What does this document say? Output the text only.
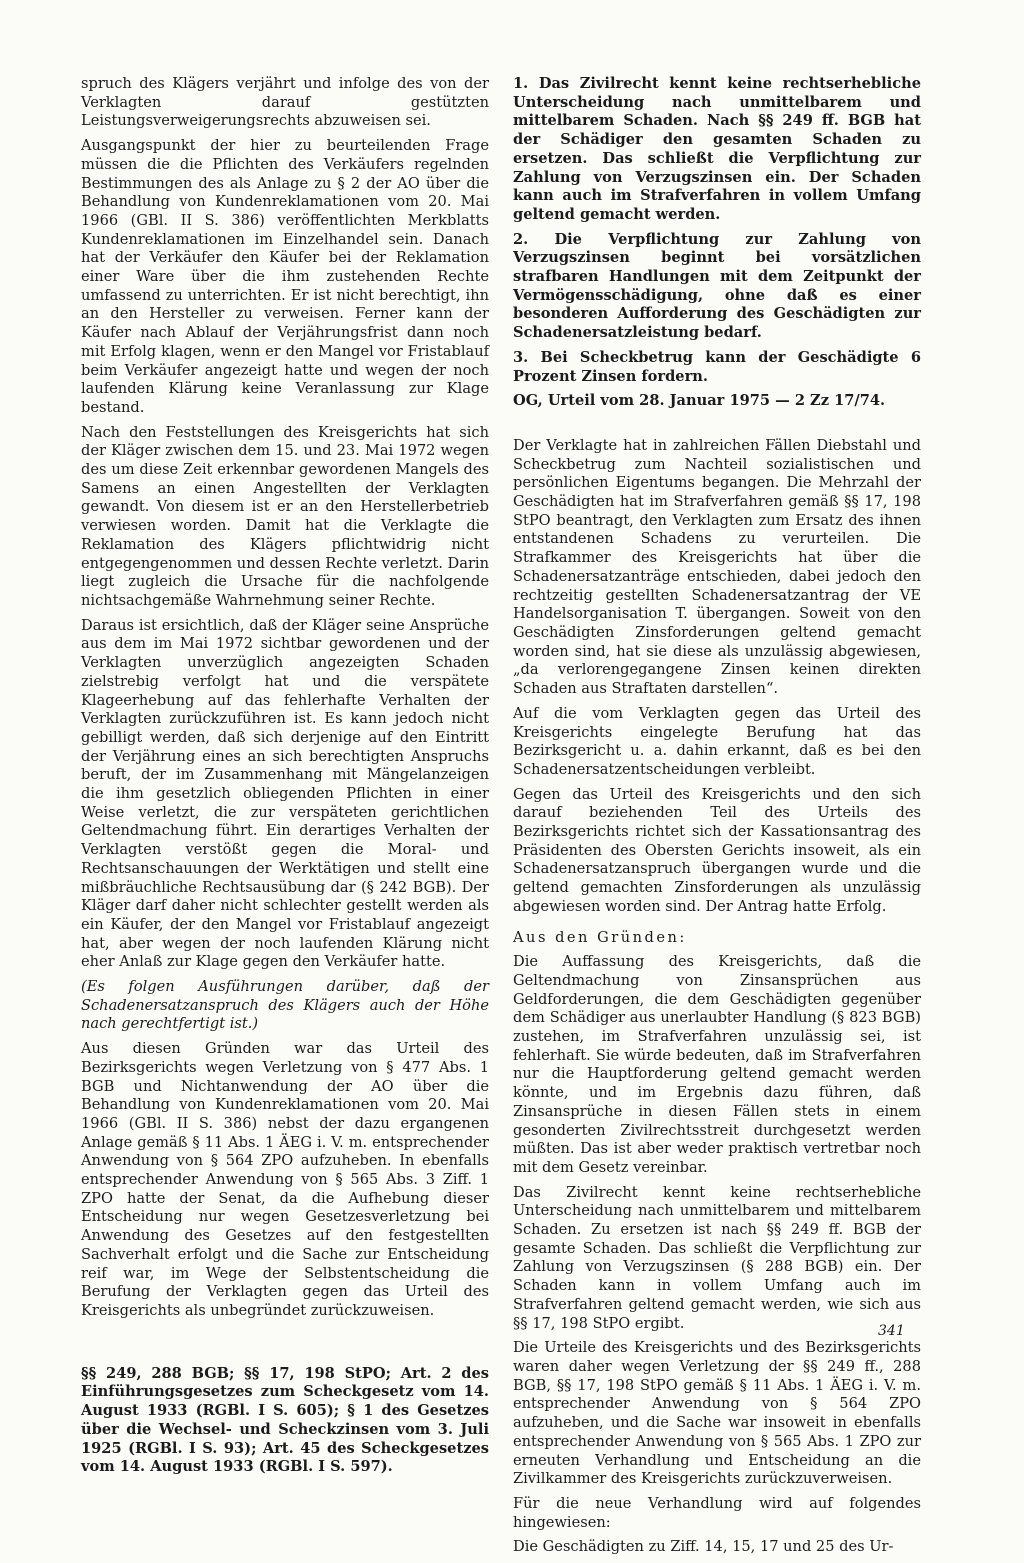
spruch des Klägers verjährt und infolge des von der Verklagten darauf gestützten Leistungsverweigerungsrechts abzuweisen sei.

Ausgangspunkt der hier zu beurteilenden Frage müssen die die Pflichten des Verkäufers regelnden Bestimmungen des als Anlage zu § 2 der AO über die Behandlung von Kundenreklamationen vom 20. Mai 1966 (GBl. II S. 386) veröffentlichten Merkblatts Kundenreklamationen im Einzelhandel sein. Danach hat der Verkäufer den Käufer bei der Reklamation einer Ware über die ihm zustehenden Rechte umfassend zu unterrichten. Er ist nicht berechtigt, ihn an den Hersteller zu verweisen. Ferner kann der Käufer nach Ablauf der Verjährungsfrist dann noch mit Erfolg klagen, wenn er den Mangel vor Fristablauf beim Verkäufer angezeigt hatte und wegen der noch laufenden Klärung keine Veranlassung zur Klage bestand.

Nach den Feststellungen des Kreisgerichts hat sich der Kläger zwischen dem 15. und 23. Mai 1972 wegen des um diese Zeit erkennbar gewordenen Mangels des Samens an einen Angestellten der Verklagten gewandt. Von diesem ist er an den Herstellerbetrieb verwiesen worden. Damit hat die Verklagte die Reklamation des Klägers pflichtwidrig nicht entgegengenommen und dessen Rechte verletzt. Darin liegt zugleich die Ursache für die nachfolgende nichtsachgemäße Wahrnehmung seiner Rechte.

Daraus ist ersichtlich, daß der Kläger seine Ansprüche aus dem im Mai 1972 sichtbar gewordenen und der Verklagten unverzüglich angezeigten Schaden zielstrebig verfolgt hat und die verspätete Klageerhebung auf das fehlerhafte Verhalten der Verklagten zurückzuführen ist. Es kann jedoch nicht gebilligt werden, daß sich derjenige auf den Eintritt der Verjährung eines an sich berechtigten Anspruchs beruft, der im Zusammenhang mit Mängelanzeigen die ihm gesetzlich obliegenden Pflichten in einer Weise verletzt, die zur verspäteten gerichtlichen Geltendmachung führt. Ein derartiges Verhalten der Verklagten verstößt gegen die Moral- und Rechtsanschauungen der Werktätigen und stellt eine mißbräuchliche Rechtsausübung dar (§ 242 BGB). Der Kläger darf daher nicht schlechter gestellt werden als ein Käufer, der den Mangel vor Fristablauf angezeigt hat, aber wegen der noch laufenden Klärung nicht eher Anlaß zur Klage gegen den Verkäufer hatte.

(Es folgen Ausführungen darüber, daß der Schadenersatzanspruch des Klägers auch der Höhe nach gerechtfertigt ist.)

Aus diesen Gründen war das Urteil des Bezirksgerichts wegen Verletzung von § 477 Abs. 1 BGB und Nichtanwendung der AO über die Behandlung von Kundenreklamationen vom 20. Mai 1966 (GBl. II S. 386) nebst der dazu ergangenen Anlage gemäß § 11 Abs. 1 ÄEG i. V. m. entsprechender Anwendung von § 564 ZPO aufzuheben. In ebenfalls entsprechender Anwendung von § 565 Abs. 3 Ziff. 1 ZPO hatte der Senat, da die Aufhebung dieser Entscheidung nur wegen Gesetzesverletzung bei Anwendung des Gesetzes auf den festgestellten Sachverhalt erfolgt und die Sache zur Entscheidung reif war, im Wege der Selbstentscheidung die Berufung der Verklagten gegen das Urteil des Kreisgerichts als unbegründet zurückzuweisen.

§§ 249, 288 BGB; §§ 17, 198 StPO; Art. 2 des Einführungsgesetzes zum Scheckgesetz vom 14. August 1933 (RGBl. I S. 605); § 1 des Gesetzes über die Wechsel- und Scheckzinsen vom 3. Juli 1925 (RGBl. I S. 93); Art. 45 des Scheckgesetzes vom 14. August 1933 (RGBl. I S. 597).

1. Das Zivilrecht kennt keine rechtserhebliche Unterscheidung nach unmittelbarem und mittelbarem Schaden. Nach §§ 249 ff. BGB hat der Schädiger den gesamten Schaden zu ersetzen. Das schließt die Verpflichtung zur Zahlung von Verzugszinsen ein. Der Schaden kann auch im Strafverfahren in vollem Umfang geltend gemacht werden.

2. Die Verpflichtung zur Zahlung von Verzugszinsen beginnt bei vorsätzlichen strafbaren Handlungen mit dem Zeitpunkt der Vermögensschädigung, ohne daß es einer besonderen Aufforderung des Geschädigten zur Schadenersatzleistung bedarf.

3. Bei Scheckbetrug kann der Geschädigte 6 Prozent Zinsen fordern.

OG, Urteil vom 28. Januar 1975 — 2 Zz 17/74.

Der Verklagte hat in zahlreichen Fällen Diebstahl und Scheckbetrug zum Nachteil sozialistischen und persönlichen Eigentums begangen. Die Mehrzahl der Geschädigten hat im Strafverfahren gemäß §§ 17, 198 StPO beantragt, den Verklagten zum Ersatz des ihnen entstandenen Schadens zu verurteilen. Die Strafkammer des Kreisgerichts hat über die Schadenersatzanträge entschieden, dabei jedoch den rechtzeitig gestellten Schadenersatzantrag der VE Handelsorganisation T. übergangen. Soweit von den Geschädigten Zinsforderungen geltend gemacht worden sind, hat sie diese als unzulässig abgewiesen, „da verlorengegangene Zinsen keinen direkten Schaden aus Straftaten darstellen“.

Auf die vom Verklagten gegen das Urteil des Kreisgerichts eingelegte Berufung hat das Bezirksgericht u. a. dahin erkannt, daß es bei den Schadenersatzentscheidungen verbleibt.

Gegen das Urteil des Kreisgerichts und den sich darauf beziehenden Teil des Urteils des Bezirksgerichts richtet sich der Kassationsantrag des Präsidenten des Obersten Gerichts insoweit, als ein Schadenersatzanspruch übergangen wurde und die geltend gemachten Zinsforderungen als unzulässig abgewiesen worden sind. Der Antrag hatte Erfolg.

Aus den Gründen:

Die Auffassung des Kreisgerichts, daß die Geltendmachung von Zinsansprüchen aus Geldforderungen, die dem Geschädigten gegenüber dem Schädiger aus unerlaubter Handlung (§ 823 BGB) zustehen, im Strafverfahren unzulässig sei, ist fehlerhaft. Sie würde bedeuten, daß im Strafverfahren nur die Hauptforderung geltend gemacht werden könnte, und im Ergebnis dazu führen, daß Zinsansprüche in diesen Fällen stets in einem gesonderten Zivilrechtsstreit durchgesetzt werden müßten. Das ist aber weder praktisch vertretbar noch mit dem Gesetz vereinbar.

Das Zivilrecht kennt keine rechtserhebliche Unterscheidung nach unmittelbarem und mittelbarem Schaden. Zu ersetzen ist nach §§ 249 ff. BGB der gesamte Schaden. Das schließt die Verpflichtung zur Zahlung von Verzugszinsen (§ 288 BGB) ein. Der Schaden kann in vollem Umfang auch im Strafverfahren geltend gemacht werden, wie sich aus §§ 17, 198 StPO ergibt.

Die Urteile des Kreisgerichts und des Bezirksgerichts waren daher wegen Verletzung der §§ 249 ff., 288 BGB, §§ 17, 198 StPO gemäß § 11 Abs. 1 ÄEG i. V. m. entsprechender Anwendung von § 564 ZPO aufzuheben, und die Sache war insoweit in ebenfalls entsprechender Anwendung von § 565 Abs. 1 ZPO zur erneuten Verhandlung und Entscheidung an die Zivilkammer des Kreisgerichts zurückzuverweisen.

Für die neue Verhandlung wird auf folgendes hingewiesen:

Die Geschädigten zu Ziff. 14, 15, 17 und 25 des Ur-

341
